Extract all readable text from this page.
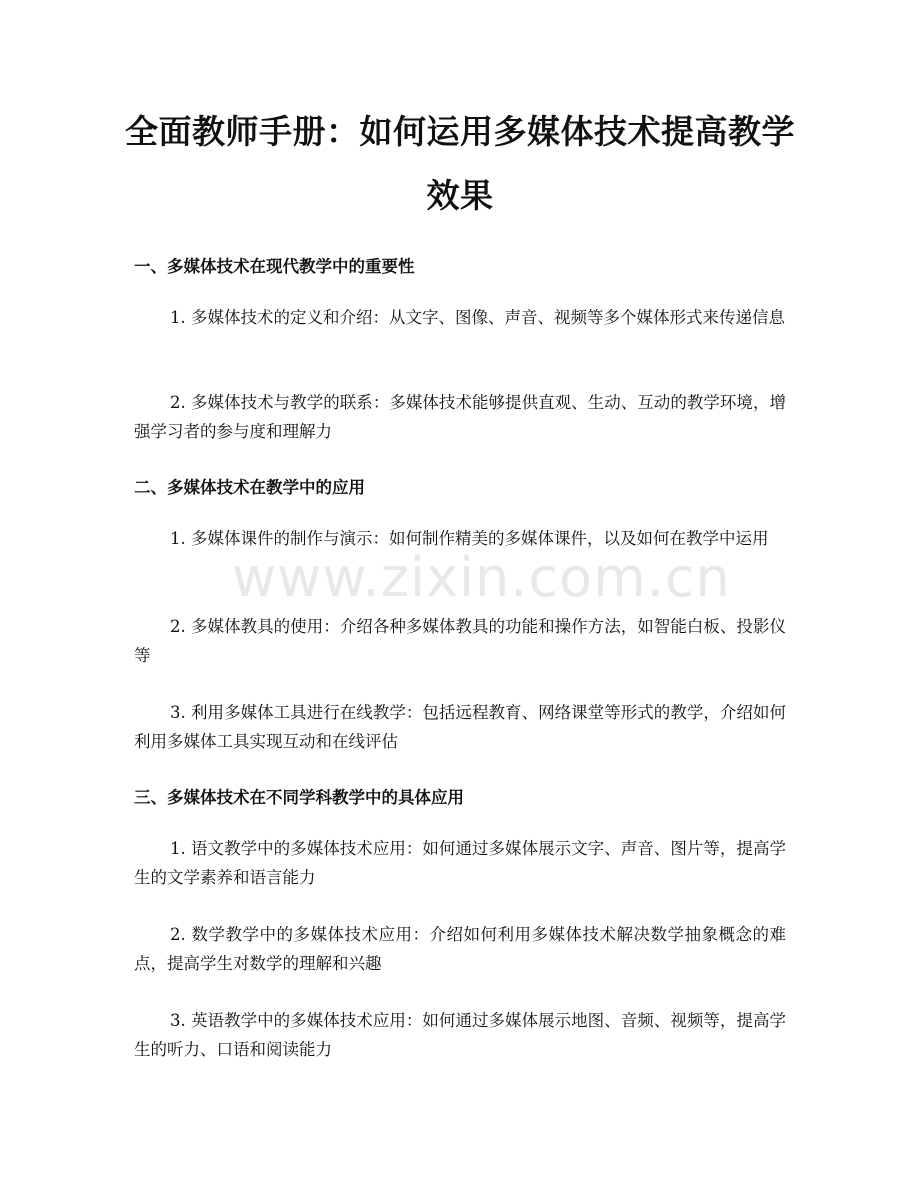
全面教师手册：如何运用多媒体技术提高教学效果
一、多媒体技术在现代教学中的重要性

1. 多媒体技术的定义和介绍：从文字、图像、声音、视频等多个媒体形式来传递信息

2. 多媒体技术与教学的联系：多媒体技术能够提供直观、生动、互动的教学环境，增强学习者的参与度和理解力

二、多媒体技术在教学中的应用

1. 多媒体课件的制作与演示：如何制作精美的多媒体课件，以及如何在教学中运用

2. 多媒体教具的使用：介绍各种多媒体教具的功能和操作方法，如智能白板、投影仪等

3. 利用多媒体工具进行在线教学：包括远程教育、网络课堂等形式的教学，介绍如何利用多媒体工具实现互动和在线评估

三、多媒体技术在不同学科教学中的具体应用

1. 语文教学中的多媒体技术应用：如何通过多媒体展示文字、声音、图片等，提高学生的文学素养和语言能力

2. 数学教学中的多媒体技术应用：介绍如何利用多媒体技术解决数学抽象概念的难点，提高学生对数学的理解和兴趣

3. 英语教学中的多媒体技术应用：如何通过多媒体展示地图、音频、视频等，提高学生的听力、口语和阅读能力

www.zixin.com.cn
